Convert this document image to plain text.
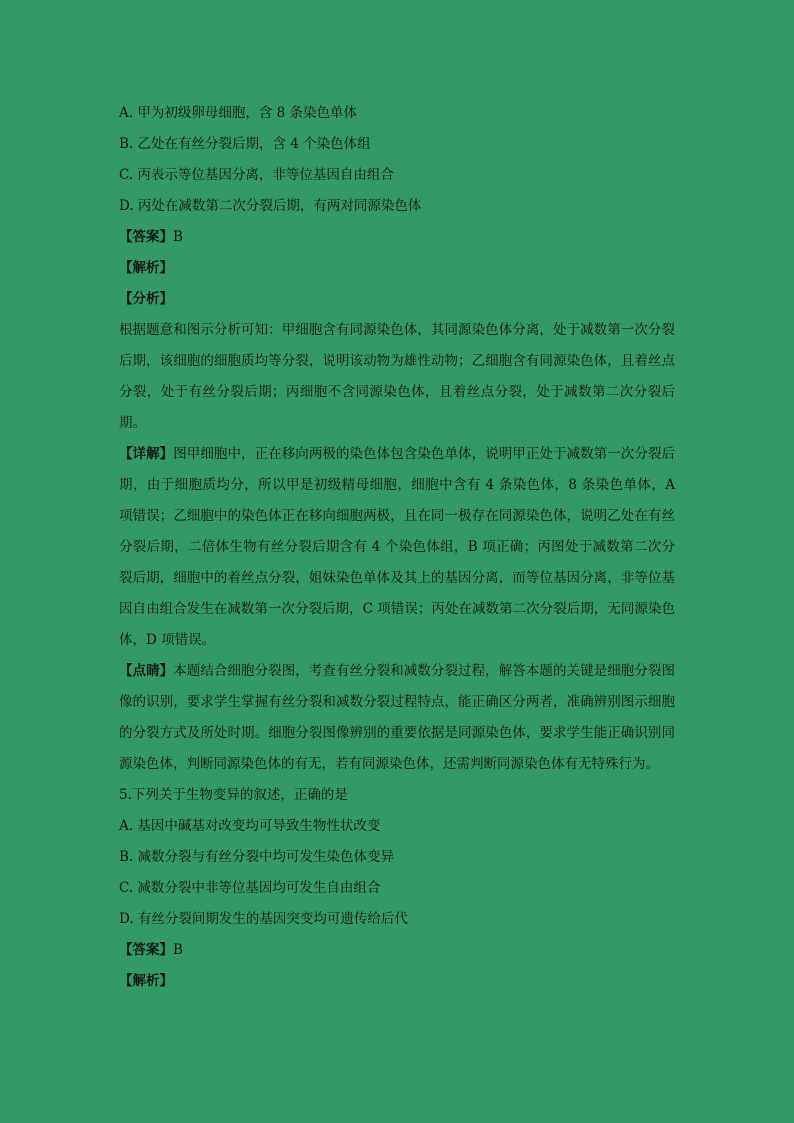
A. 甲为初级卵母细胞，含 8 条染色单体

B. 乙处在有丝分裂后期，含 4 个染色体组

C. 丙表示等位基因分离，非等位基因自由组合

D. 丙处在减数第二次分裂后期，有两对同源染色体

【答案】B

【解析】

【分析】

根据题意和图示分析可知：甲细胞含有同源染色体，其同源染色体分离，处于减数第一次分裂后期，该细胞的细胞质均等分裂，说明该动物为雄性动物；乙细胞含有同源染色体，且着丝点分裂，处于有丝分裂后期；丙细胞不含同源染色体，且着丝点分裂，处于减数第二次分裂后期。

【详解】图甲细胞中，正在移向两极的染色体包含染色单体，说明甲正处于减数第一次分裂后期，由于细胞质均分，所以甲是初级精母细胞，细胞中含有 4 条染色体，8 条染色单体，A 项错误；乙细胞中的染色体正在移向细胞两极，且在同一极存在同源染色体，说明乙处在有丝分裂后期，二倍体生物有丝分裂后期含有 4 个染色体组，B 项正确；丙图处于减数第二次分裂后期，细胞中的着丝点分裂，姐妹染色单体及其上的基因分离，而等位基因分离，非等位基因自由组合发生在减数第一次分裂后期，C 项错误；丙处在减数第二次分裂后期，无同源染色体，D 项错误。

【点睛】本题结合细胞分裂图，考查有丝分裂和减数分裂过程，解答本题的关键是细胞分裂图像的识别，要求学生掌握有丝分裂和减数分裂过程特点，能正确区分两者，准确辨别图示细胞的分裂方式及所处时期。细胞分裂图像辨别的重要依据是同源染色体，要求学生能正确识别同源染色体，判断同源染色体的有无，若有同源染色体，还需判断同源染色体有无特殊行为。

5.下列关于生物变异的叙述，正确的是

A. 基因中碱基对改变均可导致生物性状改变

B. 减数分裂与有丝分裂中均可发生染色体变异

C. 减数分裂中非等位基因均可发生自由组合

D. 有丝分裂间期发生的基因突变均可遗传给后代

【答案】B

【解析】
